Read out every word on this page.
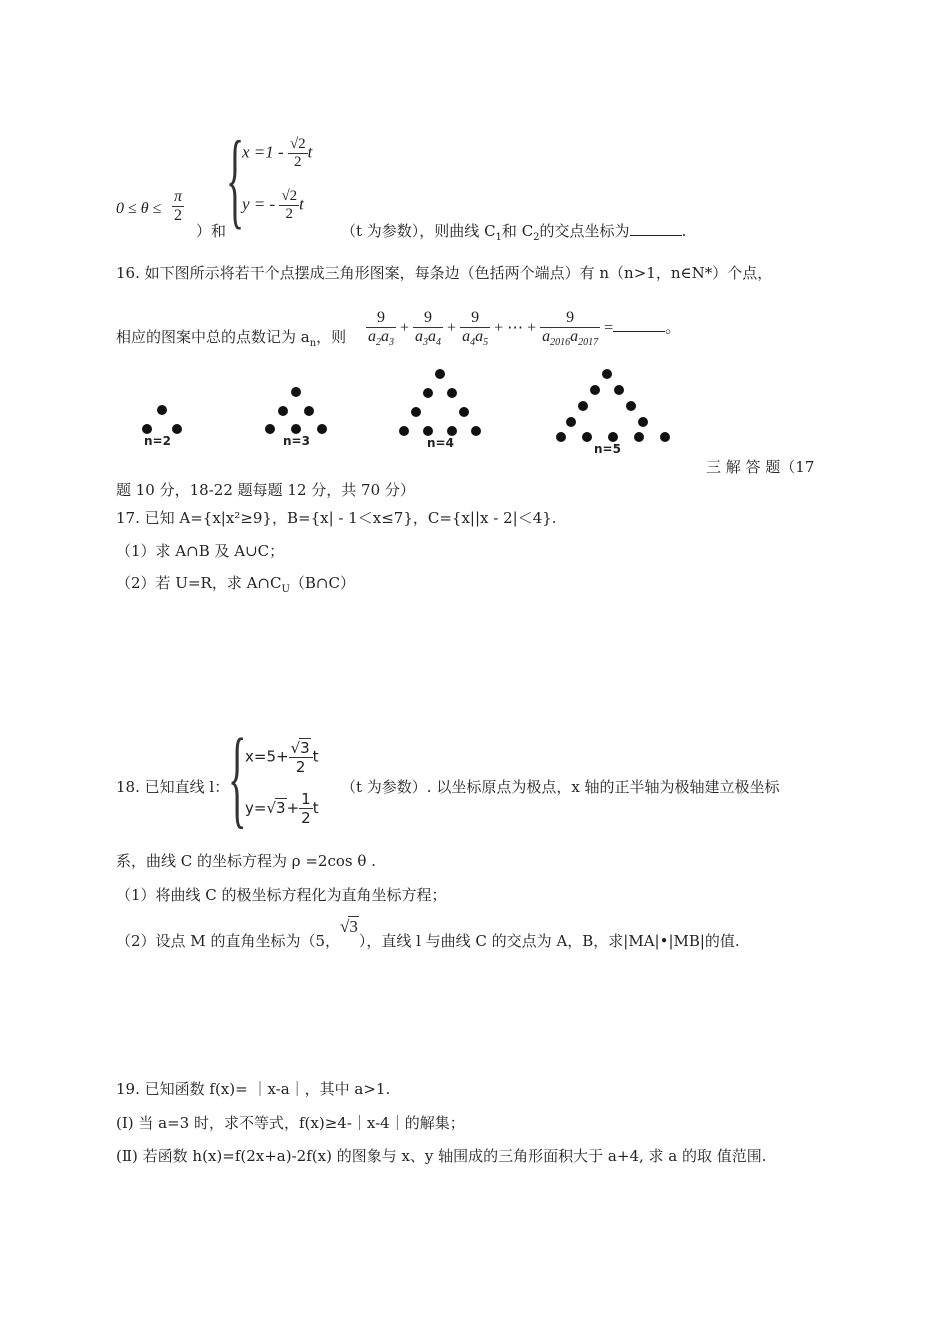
{
$x =1 - \frac{√2}{2}$ t
y = - $\frac{√2}{2}$ t
$0 \le \theta \le \frac{\pi}{2}$
）和	（t 为参数），则曲线 $C_1$和 $C_2$的交点坐标为	.
16. 如下图所示将若干个点摆成三角形图案，每条边（色括两个端点）有 n（n>1，n∈N*）个点，
相应的图案中总的点数记为 $a_n$，则 $\frac{9}{a_2a_3} + \frac{9}{a_3a_4} + \frac{9}{a_4a_5}$ + ⋯ + $\frac{9}{a_{2016}a_{2017}}$ =	。
n=2	n=3	n=4	n=5
三 解 答 题（17
题 10 分，18-22 题每题 12 分，共 70 分）
17. 已知 A={x|x²≥9}，B={x| - 1＜x≤7}，C={x||x - 2|＜4}.
（1）求 A∩B 及 A∪C；
（2）若 U=R，求 $A\cap C_U(B\cap C)$
18. 已知直线 l：
{
$x=5+ \frac{√3}{2}$ t
$y=√3+ \frac{1}{2}$ t
（t 为参数）. 以坐标原点为极点，x 轴的正半轴为极轴建立极坐标
系，曲线 C 的坐标方程为 ρ =2cos θ .
（1）将曲线 C 的极坐标方程化为直角坐标方程；
（2）设点 M 的直角坐标为（5，√3），直线 l 与曲线 C 的交点为 A，B，求|MA|•|MB|的值.
19. 已知函数 f(x)= ｜x-a｜，其中 a>1.
(I) 当 a=3 时，求不等式，f(x)≥4-｜x-4｜的解集；
(Ⅱ) 若函数 h(x)=f(2x+a)-2f(x) 的图象与 x、y 轴围成的三角形面积大于 a+4, 求 a 的取 值范围.
